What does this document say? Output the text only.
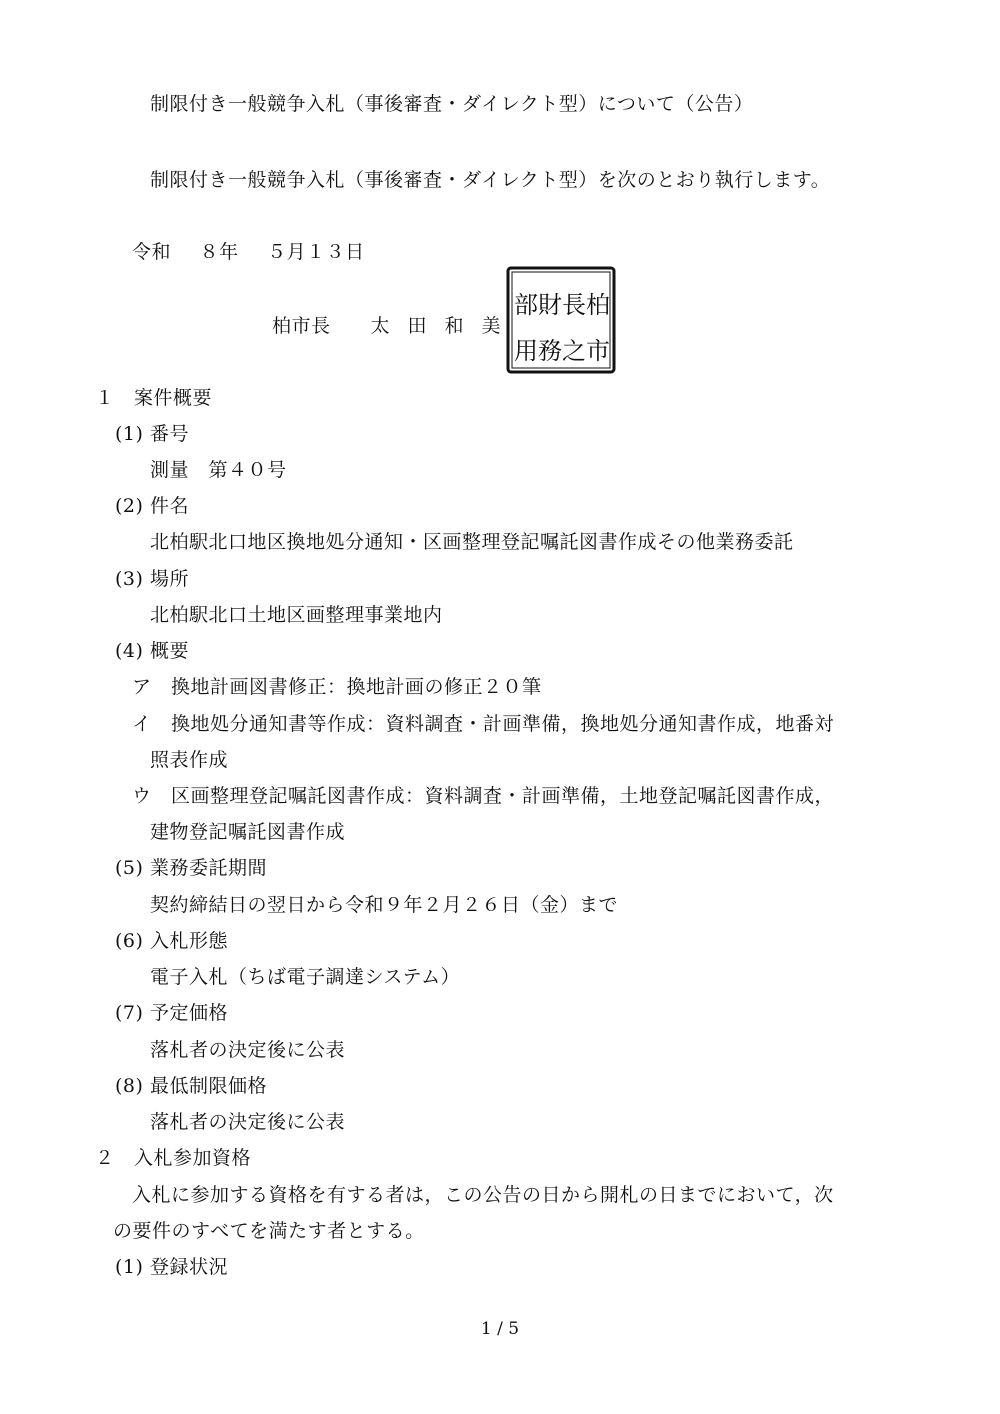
制限付き一般競争入札（事後審査・ダイレクト型）について（公告）
制限付き一般競争入札（事後審査・ダイレクト型）を次のとおり執行します。
令和 ８年 ５月１３日
柏市長 太田和美
柏
市
長
之
財
務
部
用
１　案件概要
(1) 番号
測量　第４０号
(2) 件名
北柏駅北口地区換地処分通知・区画整理登記嘱託図書作成その他業務委託
(3) 場所
北柏駅北口土地区画整理事業地内
(4) 概要
ア　換地計画図書修正：換地計画の修正２０筆
イ　換地処分通知書等作成：資料調査・計画準備，換地処分通知書作成，地番対
照表作成
ウ　区画整理登記嘱託図書作成：資料調査・計画準備，土地登記嘱託図書作成，
建物登記嘱託図書作成
(5) 業務委託期間
契約締結日の翌日から令和９年２月２６日（金）まで
(6) 入札形態
電子入札（ちば電子調達システム）
(7) 予定価格
落札者の決定後に公表
(8) 最低制限価格
落札者の決定後に公表
２　入札参加資格
入札に参加する資格を有する者は，この公告の日から開札の日までにおいて，次
の要件のすべてを満たす者とする。
(1) 登録状況
1 / 5
